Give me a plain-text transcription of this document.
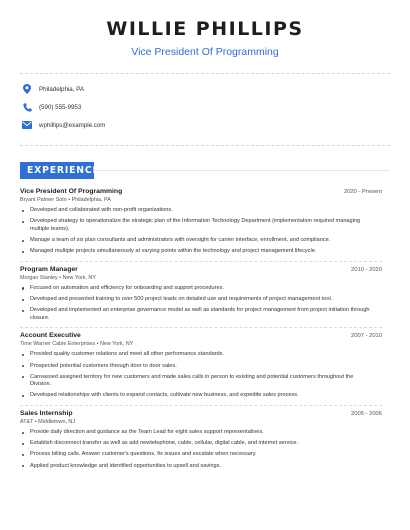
WILLIE PHILLIPS
Vice President Of Programming
Philadelphia, PA
(590) 555-9953
wphillips@example.com
EXPERIENCE
Vice President Of Programming	2020 - Present
Bryant Palmer Soto • Philadelphia, PA
Developed and collaborated with non-profit organizations.
Developed strategy to operationalize the strategic plan of the Information Technology Department (implementation required managing multiple teams).
Manage a team of six plan consultants and administrators with oversight for carrier interface, enrollment, and compliance.
Managed multiple projects simultaneously at varying points within the technology and project management lifecycle.
Program Manager	2010 - 2020
Morgan Stanley • New York, NY
Focused on automation and efficiency for onboarding and support procedures.
Developed and presented training to over 500 project leads on detailed use and requirements of project management tool.
Developed and implemented an enterprise governance model as well as standards for project management from project initiation through closure.
Account Executive	2007 - 2010
Time Warner Cable Enterprises • New York, NY
Provided quality customer relations and meet all other performance standards.
Prospected potential customers through door to door sales.
Canvassed assigned territory for new customers and made sales calls in person to existing and potential customers throughout the Division.
Developed relationships with clients to expand contacts, cultivate new business, and expedite sales process.
Sales Internship	2005 - 2006
AT&T • Middletown, NJ
Provide daily direction and guidance as the Team Lead for eight sales support representatives.
Establish disconnect transfer as well as add newtelephone, cable, cellular, digital cable, and internet service.
Process billing calls. Answer customer's questions, fix issues and escalate when necessary.
Applied product knowledge and identified opportunities to upsell and savings.
